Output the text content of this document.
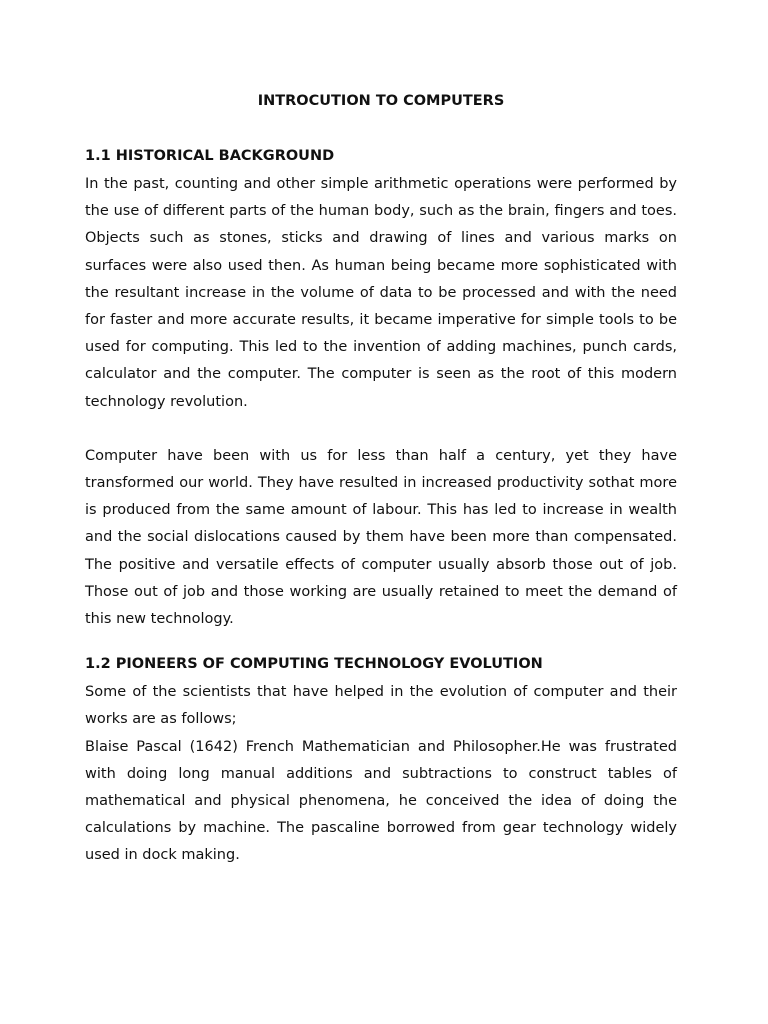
INTROCUTION TO COMPUTERS
1.1 HISTORICAL BACKGROUND

In the past, counting and other simple arithmetic operations were performed by the use of different parts of the human body, such as the brain, fingers and toes. Objects such as stones, sticks and drawing of lines and various marks on surfaces were also used then. As human being became more sophisticated with the resultant increase in the volume of data to be processed and with the need for faster and more accurate results, it became imperative for simple tools to be used for computing. This led to the invention of adding machines, punch cards, calculator and the computer. The computer is seen as the root of this modern technology revolution.

Computer have been with us for less than half a century, yet they have transformed our world. They have resulted in increased productivity sothat more is produced from the same amount of labour. This has led to increase in wealth and the social dislocations caused by them have been more than compensated. The positive and versatile effects of computer usually absorb those out of job. Those out of job and those working are usually retained to meet the demand of this new technology.

1.2 PIONEERS OF COMPUTING TECHNOLOGY EVOLUTION

Some of the scientists that have helped in the evolution of computer and their works are as follows;

Blaise Pascal (1642) French Mathematician and Philosopher.He was frustrated with doing long manual additions and subtractions to construct tables of mathematical and physical phenomena, he conceived the idea of doing the calculations by machine. The pascaline borrowed from gear technology widely used in dock making.
